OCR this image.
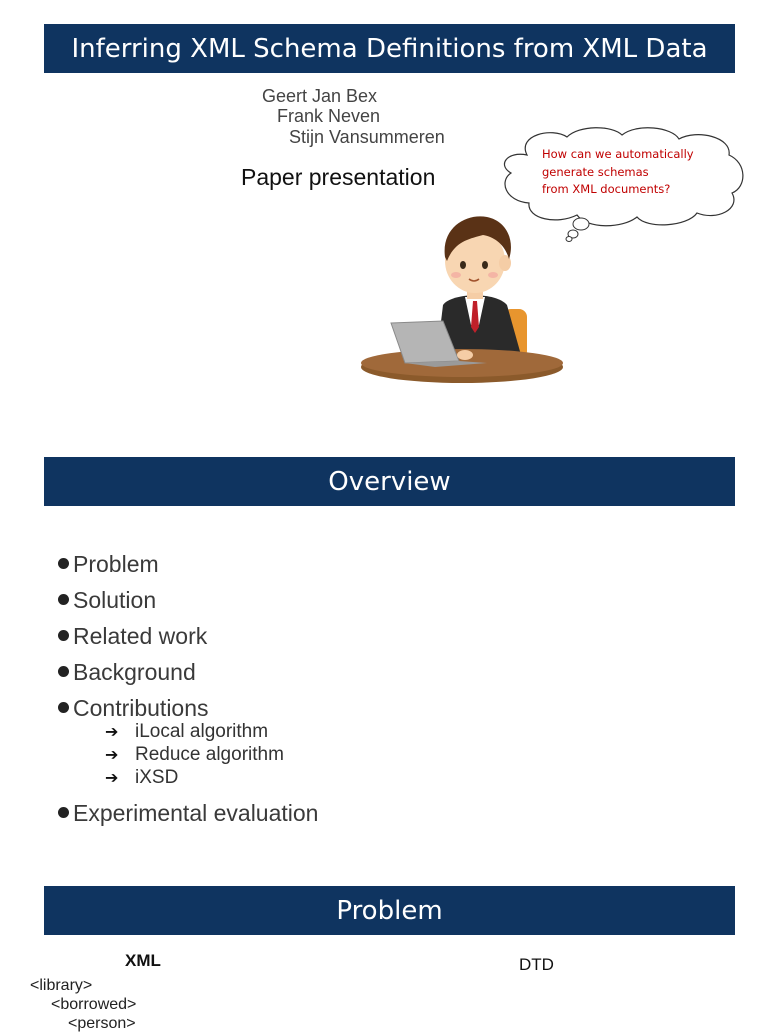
Inferring XML Schema Definitions from XML Data
Geert Jan Bex
Frank Neven
Stijn Vansummeren
Paper presentation
How can we automatically
generate schemas
from XML documents?
Overview
Problem
Solution
Related work
Background
Contributions
➔ iLocal algorithm
➔ Reduce algorithm
➔ iXSD
Experimental evaluation
Problem
XML	DTD
<library>
<borrowed>
<person>
